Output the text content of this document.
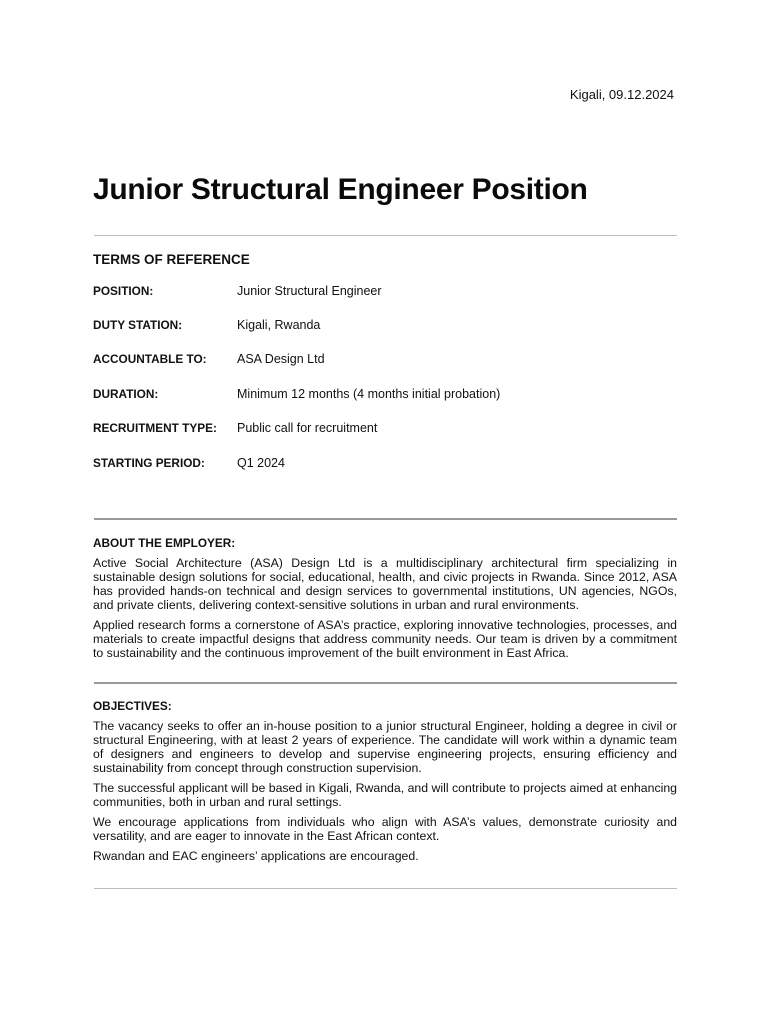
Kigali, 09.12.2024
Junior Structural Engineer Position
TERMS OF REFERENCE
POSITION:	Junior Structural Engineer
DUTY STATION:	Kigali, Rwanda
ACCOUNTABLE TO: ASA Design Ltd
DURATION:	Minimum 12 months (4 months initial probation)
RECRUITMENT TYPE: Public call for recruitment
STARTING PERIOD:	Q1 2024
ABOUT THE EMPLOYER:

Active Social Architecture (ASA) Design Ltd is a multidisciplinary architectural firm specializing in sustainable design solutions for social, educational, health, and civic projects in Rwanda. Since 2012, ASA has provided hands-on technical and design services to governmental institutions, UN agencies, NGOs, and private clients, delivering context-sensitive solutions in urban and rural environments.

Applied research forms a cornerstone of ASA’s practice, exploring innovative technologies, processes, and materials to create impactful designs that address community needs. Our team is driven by a commitment to sustainability and the continuous improvement of the built environment in East Africa.

OBJECTIVES:

The vacancy seeks to offer an in-house position to a junior structural Engineer, holding a degree in civil or structural Engineering, with at least 2 years of experience. The candidate will work within a dynamic team of designers and engineers to develop and supervise engineering projects, ensuring efficiency and sustainability from concept through construction supervision.

The successful applicant will be based in Kigali, Rwanda, and will contribute to projects aimed at enhancing communities, both in urban and rural settings.

We encourage applications from individuals who align with ASA’s values, demonstrate curiosity and versatility, and are eager to innovate in the East African context.

Rwandan and EAC engineers’ applications are encouraged.
